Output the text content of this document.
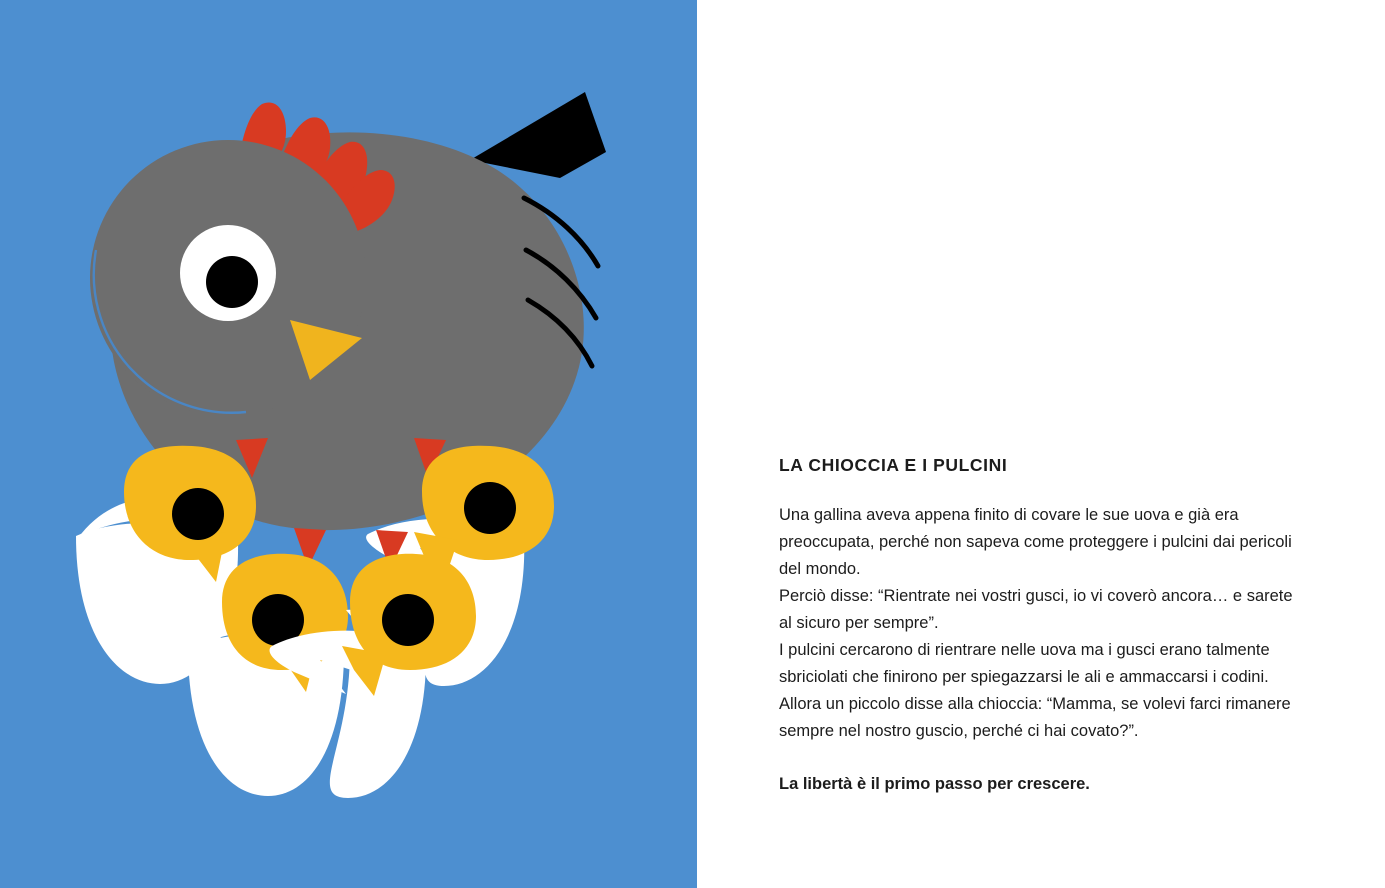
LA CHIOCCIA E I PULCINI

Una gallina aveva appena finito di covare le sue uova e già era preoccupata, perché non sapeva come proteggere i pulcini dai pericoli del mondo.

Perciò disse: “Rientrate nei vostri gusci, io vi coverò ancora… e sarete al sicuro per sempre”.

I pulcini cercarono di rientrare nelle uova ma i gusci erano talmente sbriciolati che finirono per spiegazzarsi le ali e ammaccarsi i codini.

Allora un piccolo disse alla chioccia: “Mamma, se volevi farci rimanere sempre nel nostro guscio, perché ci hai covato?”.

La libertà è il primo passo per crescere.
